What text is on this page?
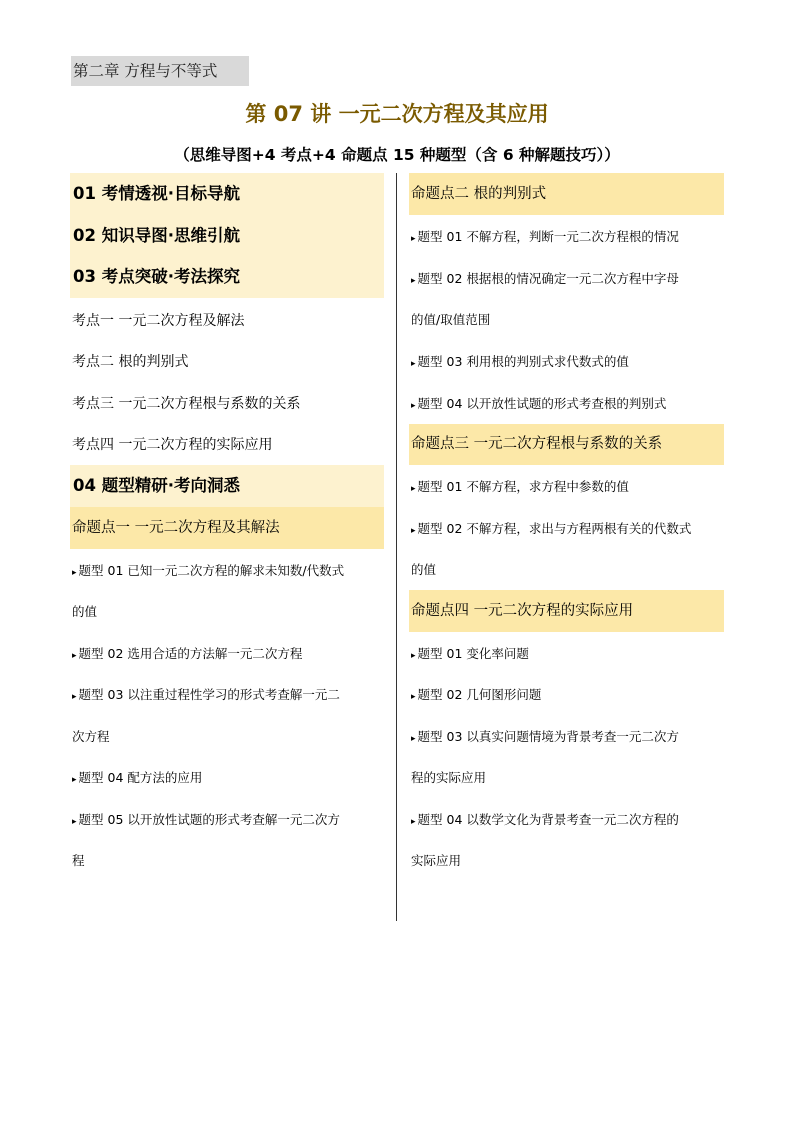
第二章 方程与不等式
第 07 讲 一元二次方程及其应用
（思维导图+4 考点+4 命题点 15 种题型（含 6 种解题技巧））
01 考情透视·目标导航
02 知识导图·思维引航
03 考点突破·考法探究
考点一 一元二次方程及解法
考点二 根的判别式
考点三 一元二次方程根与系数的关系
考点四 一元二次方程的实际应用
04 题型精研·考向洞悉
命题点一 一元二次方程及其解法
▸ 题型 01 已知一元二次方程的解求未知数/代数式
的值
▸ 题型 02 选用合适的方法解一元二次方程
▸ 题型 03 以注重过程性学习的形式考查解一元二
次方程
▸ 题型 04 配方法的应用
▸ 题型 05 以开放性试题的形式考查解一元二次方
程
命题点二 根的判别式
▸ 题型 01 不解方程，判断一元二次方程根的情况
▸ 题型 02 根据根的情况确定一元二次方程中字母
的值/取值范围
▸ 题型 03 利用根的判别式求代数式的值
▸ 题型 04 以开放性试题的形式考查根的判别式
命题点三 一元二次方程根与系数的关系
▸ 题型 01 不解方程，求方程中参数的值
▸ 题型 02 不解方程，求出与方程两根有关的代数式
的值
命题点四 一元二次方程的实际应用
▸ 题型 01 变化率问题
▸ 题型 02 几何图形问题
▸ 题型 03 以真实问题情境为背景考查一元二次方
程的实际应用
▸ 题型 04 以数学文化为背景考查一元二次方程的
实际应用
